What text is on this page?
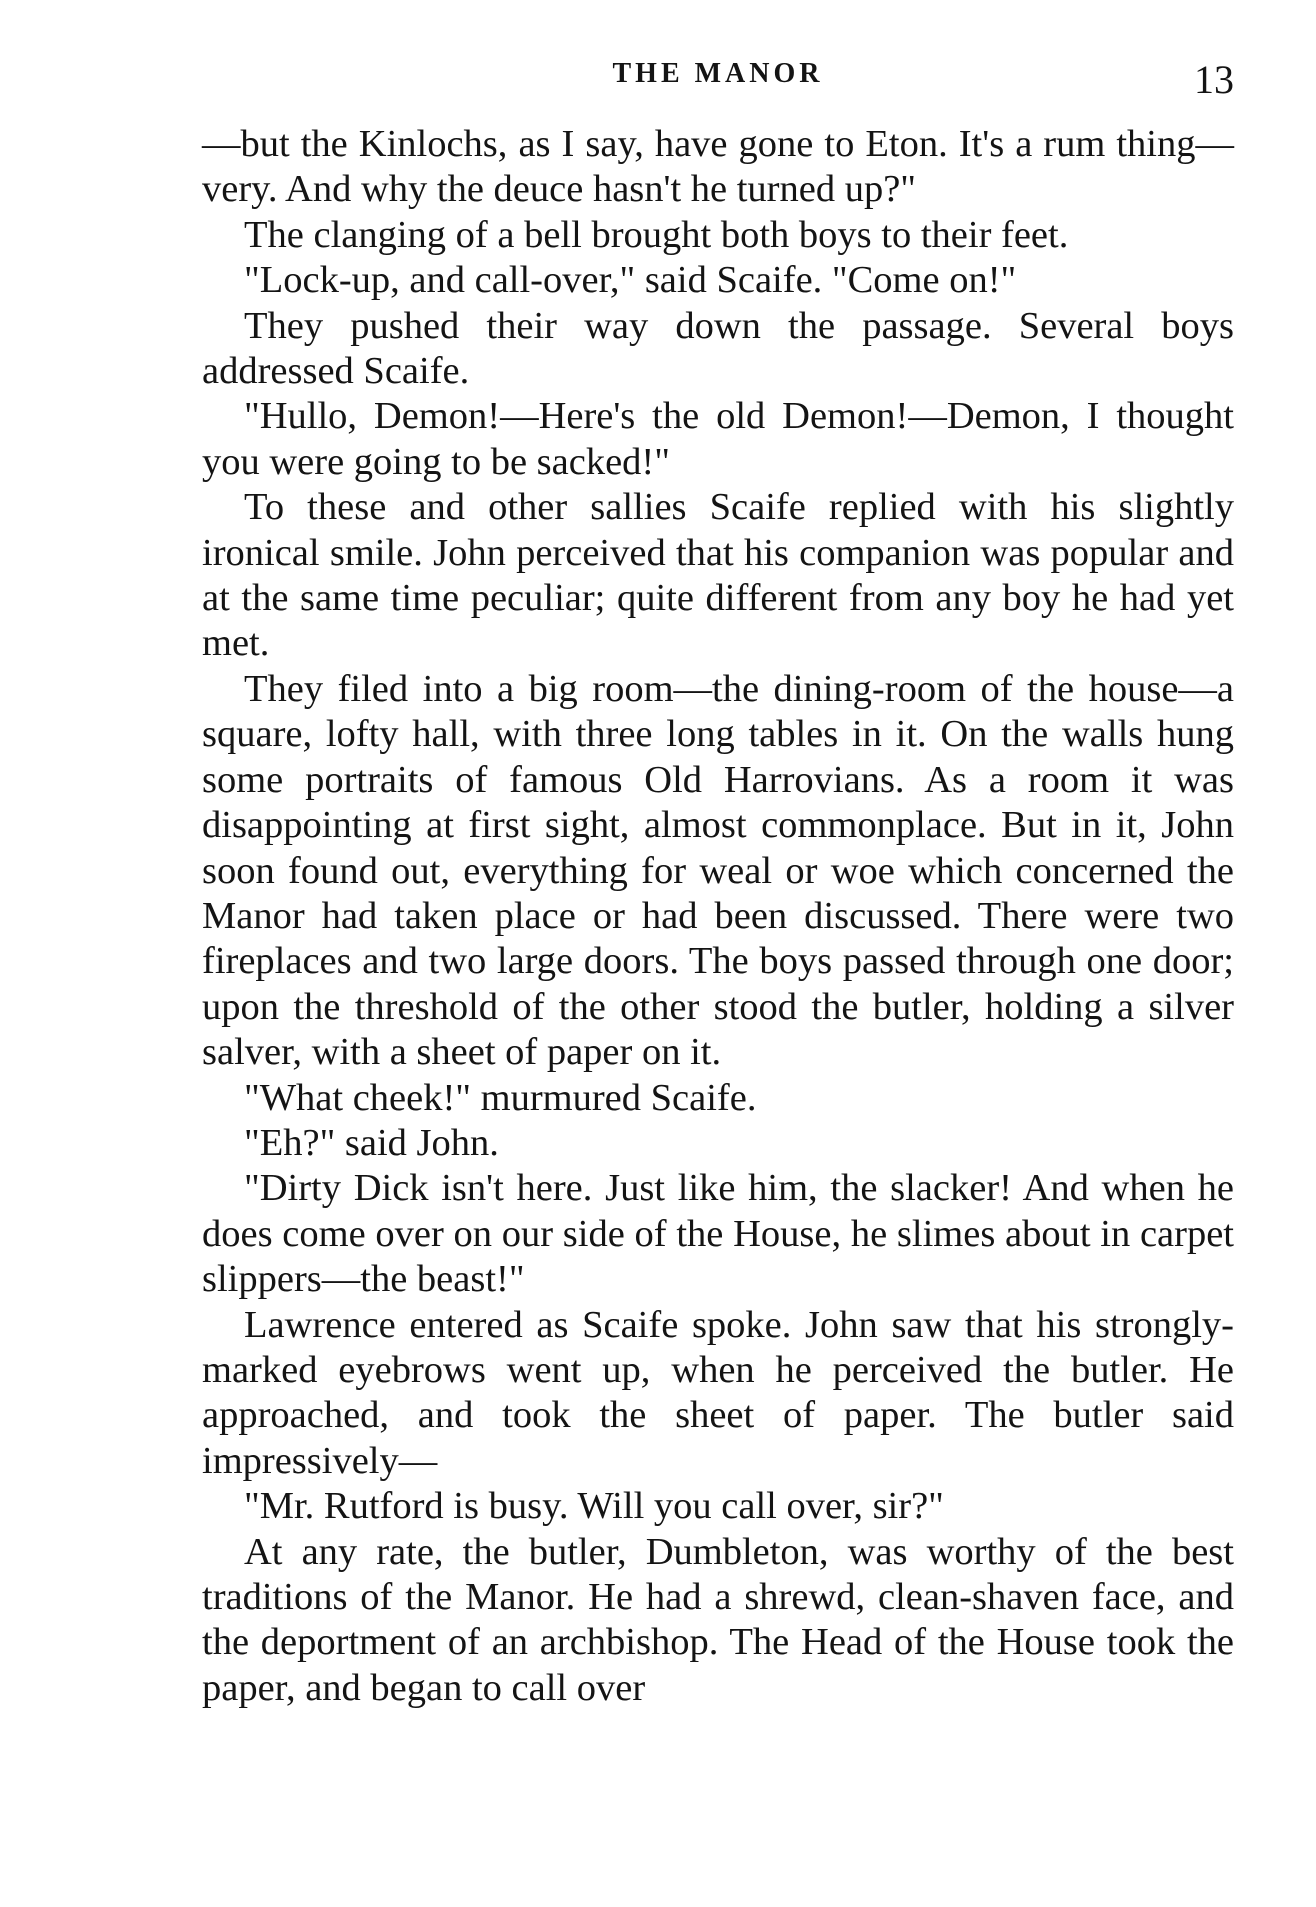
THE MANOR	13

—but the Kinlochs, as I say, have gone to Eton. It's a rum thing—very. And why the deuce hasn't he turned up?"

The clanging of a bell brought both boys to their feet.

"Lock-up, and call-over," said Scaife. "Come on!"

They pushed their way down the passage. Several boys addressed Scaife.

"Hullo, Demon!—Here's the old Demon!—Demon, I thought you were going to be sacked!"

To these and other sallies Scaife replied with his slightly ironical smile. John perceived that his companion was popular and at the same time peculiar; quite different from any boy he had yet met.

They filed into a big room—the dining-room of the house—a square, lofty hall, with three long tables in it. On the walls hung some portraits of famous Old Harrovians. As a room it was disappointing at first sight, almost commonplace. But in it, John soon found out, everything for weal or woe which concerned the Manor had taken place or had been discussed. There were two fireplaces and two large doors. The boys passed through one door; upon the threshold of the other stood the butler, holding a silver salver, with a sheet of paper on it.

"What cheek!" murmured Scaife.

"Eh?" said John.

"Dirty Dick isn't here. Just like him, the slacker! And when he does come over on our side of the House, he slimes about in carpet slippers—the beast!"

Lawrence entered as Scaife spoke. John saw that his strongly-marked eyebrows went up, when he perceived the butler. He approached, and took the sheet of paper. The butler said impressively—

"Mr. Rutford is busy. Will you call over, sir?"

At any rate, the butler, Dumbleton, was worthy of the best traditions of the Manor. He had a shrewd, clean-shaven face, and the deportment of an archbishop. The Head of the House took the paper, and began to call over
